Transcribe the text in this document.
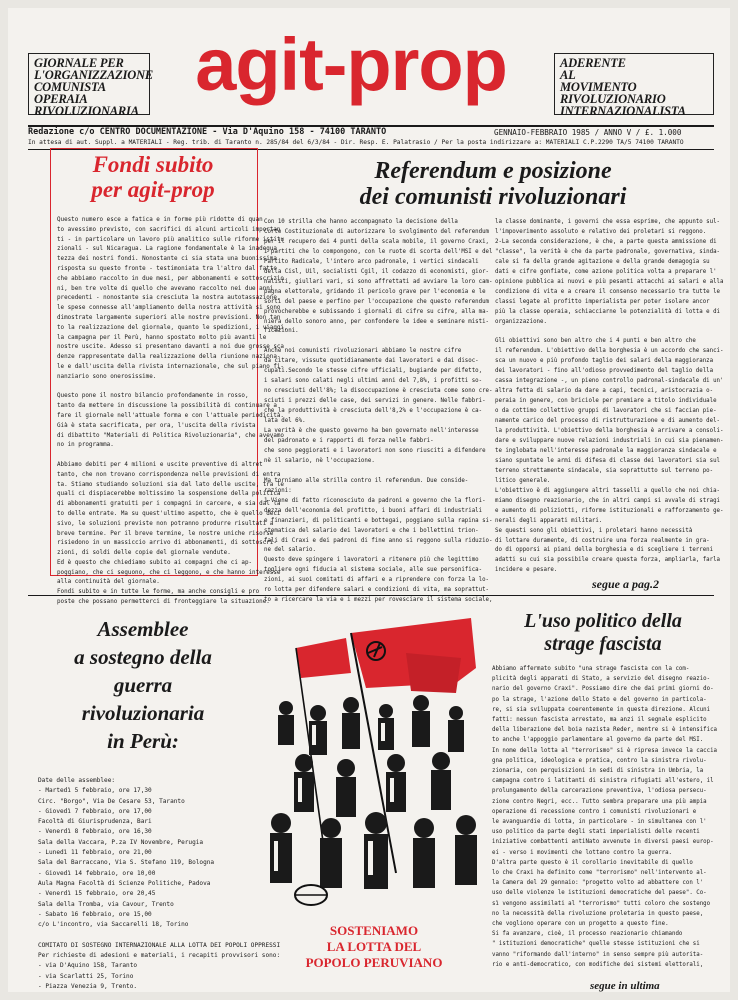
GIORNALE PER
L'ORGANIZZAZIONE
COMUNISTA
OPERAIA
RIVOLUZIONARIA
agit-prop	ADERENTE
AL
MOVIMENTO
RIVOLUZIONARIO
INTERNAZIONALISTA
Redazione c/o CENTRO DOCUMENTAZIONE - Via D'Aquino 158 - 74100 TARANTO	GENNAIO-FEBBRAIO 1985 / ANNO V / £. 1.000
In attesa di aut. Suppl. a MATERIALI - Reg. trib. di Taranto n. 285/84 del 6/3/84 - Dir. Resp. E. Palatrasio / Per la posta indirizzare a: MATERIALI C.P.2290 TA/5 74100 TARANTO
Fondi subito
per agit-prop
Questo numero esce a fatica e in forme più ridotte di quan
to avessimo previsto, con sacrifici di alcuni articoli importan
ti - in particolare un lavoro più analitico sulle riforme istitu
zionali - sul Nicaragua. La ragione fondamentale è la inadegua
tezza dei nostri fondi. Nonostante ci sia stata una buonissima
risposta su questo fronte - testimoniata tra l'altro dal fatto
che abbiamo raccolto in due mesi, per abbonamenti e sottoscrizio
ni, ben tre volte di quello che avevamo raccolto nei due anni
precedenti - nonostante sia cresciuta la nostra autotassazione,
le spese connesse all'ampliamento della nostra attività si sono
dimostrate largamente superiori alle nostre previsioni. Non tan
to la realizzazione del giornale, quanto le spedizioni, i viaggi,
la campagna per il Perù, hanno spostato molto più avanti le
nostre uscite. Adesso si presentano davanti a noi due grosse sca
denze rappresentate dalla realizzazione della riunione naziona-
le e dall'uscita della rivista internazionale, che sul piano fi-
nanziario sono onerosissime.

Questo pone il nostro bilancio profondamente in rosso,
tanto da mettere in discussione la possibilità di continuare a
fare il giornale nell'attuale forma e con l'attuale periodicità.
Già è stata sacrificata, per ora, l'uscita della rivista
di dibattito "Materiali di Politica Rivoluzionaria", che avevamo
no in programma.

Abbiamo debiti per 4 milioni e uscite preventive di altret
tanto, che non trovano corrispondenza nelle previsioni di entra
ta. Stiamo studiando soluzioni sia dal lato delle uscite, tra le
quali ci dispiacerebbe moltissimo la sospensione della politica
di abbonamenti gratuiti per i compagni in carcere, e sia dal la
to delle entrate. Ma su quest'ultimo aspetto, che è quello deci
sivo, le soluzioni previste non potranno produrre risultati a
breve termine. Per il breve termine, le nostre uniche risorse
risiedono in un massiccio arrivo di abbonamenti, di sottoscri-
zioni, di soldi delle copie del giornale vendute.
Ed è questo che chiediamo subito ai compagni che ci ap-
poggiano, che ci seguono, che ci leggono, e che hanno interesse
alla continuità del giornale.
Fondi subito e in tutte le forme, ma anche consigli e pro
poste che possano permetterci di fronteggiare la situazione.
Referendum e posizione
dei comunisti rivoluzionari
Con 10 strilla che hanno accompagnato la decisione della
Corte Costituzionale di autorizzare lo svolgimento del referendum
per il recupero dei 4 punti della scala mobile, il governo Craxi,
i partiti che lo compongono, con le ruote di scorta dell'MSI e del
Partito Radicale, l'intero arco padronale, i vertici sindacali
della Cisl, Uil, socialisti Cgil, il codazzo di economisti, gior-
nalisti, giullari vari, si sono affrettati ad avviare la loro cam-
pagna elettorale, gridando il pericolo grave per l'economia e le
sorti del paese e perfino per l'occupazione che questo referendum
provocherebbe e subissando i giornali di cifre su cifre, alla ma-
niera dello sonoro anno, per confondere le idee e seminare misti-
ficazioni.

Anche noi comunisti rivoluzionari abbiamo le nostre cifre
da citare, vissute quotidianamente dai lavoratori e dai disoc-
cupati.Secondo le stesse cifre ufficiali, bugiarde per difetto,
i salari sono calati negli ultimi anni del 7,8%, i profitti so-
no cresciuti dell'8%; la disoccupazione è cresciuta come sono cre-
sciuti i prezzi delle case, dei servizi in genere. Nelle fabbri-
che la produttività è cresciuta dell'8,2% e l'occupazione è ca-
lata del 6%.
La verità è che questo governo ha ben governato nell'interesse
del padronato e i rapporti di forza nelle fabbri-
che sono peggiorati e i lavoratori non sono riusciti a difendere
nè il salario, nè l'occupazione.

Ma torniamo alle strilla contro il referendum. Due conside-
razioni:
1-Viene di fatto riconosciuto da padroni e governo che la flori-
dezza dell'economia del profitto, i buoni affari di industriali
e finanzieri, di politicanti e bottegai, poggiano sulla rapina si-
stematica del salario dei lavoratori e che i bollettini trion-
fali di Craxi e dei padroni di fine anno si reggono sulla riduzio-
ne del salario.
Questo deve spingere i lavoratori a ritenere più che legittimo
togliere ogni fiducia al sistema sociale, alle sue personifica-
zioni, ai suoi comitati di affari e a riprendere con forza la lo-
ro lotta per difendere salari e condizioni di vita, ma soprattut-
to a ricercare la via e i mezzi per rovesciare il sistema sociale,
la classe dominante, i governi che essa esprime, che appunto sul-
l'impoverimento assoluto e relativo dei proletari si reggono.
2-La seconda considerazione, è che, a parte questa ammissione di
"classe", la verità è che da parte padronale, governativa, sinda-
cale si fa della grande agitazione e della grande demagogia su
dati e cifre gonfiate, come azione politica volta a preparare l'
opinione pubblica ai nuovi e più pesanti attacchi ai salari e alla
condizione di vita e a creare il consenso necessario tra tutte le
classi legate al profitto imperialista per poter isolare ancor
più la classe operaia, schiacciarne le potenzialità di lotta e di
organizzazione.

Gli obiettivi sono ben altro che i 4 punti e ben altro che
il referendum. L'obiettivo della borghesia è un accordo che sanci-
sca un nuovo e più profondo taglio dei salari della maggioranza
dei lavoratori - fino all'odioso provvedimento del taglio della
cassa integrazione -, un pieno controllo padronal-sindacale di un'
altra fetta di salario da dare a capi, tecnici, aristocrazia o-
peraia in genere, con briciole per premiare a titolo individuale
o da cottimo collettivo gruppi di lavoratori che si faccian pie-
namente carico del processo di ristrutturazione e di aumento del-
la produttività. L'obiettivo della borghesia è arrivare a consoli-
dare e sviluppare nuove relazioni industriali in cui sia pienamen-
te inglobata nell'interesse padronale la maggioranza sindacale e
siano spuntate le armi di difesa di classe dei lavoratori sia sul
terreno strettamente sindacale, sia soprattutto sul terreno po-
litico generale.
L'obiettivo è di aggiungere altri tasselli a quello che noi chia-
miamo disegno reazionario, che in altri campi si avvale di stragi
e aumento di poliziotti, riforme istituzionali e rafforzamento ge-
nerali degli apparati militari.
Se questi sono gli obiettivi, i proletari hanno necessità
di lottare duramente, di costruire una forza realmente in gra-
do di opporsi ai piani della borghesia e di scegliere i terreni
adatti su cui sia possibile creare questa forza, ampliarla, farla
incidere e pesare.
segue a pag.2
Assemblee
a sostegno della
guerra
rivoluzionaria
in Perù:
Date delle assemblee:
- Martedì 5 febbraio, ore 17,30
Circ. "Borgo", Via De Cesare 53, Taranto
- Giovedì 7 febbraio, ore 17,00
Facoltà di Giurisprudenza, Bari
- Venerdì 8 febbraio, ore 16,30
Sala della Vaccara, P.za IV Novembre, Perugia
- Lunedì 11 febbraio, ore 21,00
Sala del Barraccano, Via S. Stefano 119, Bologna
- Giovedì 14 febbraio, ore 10,00
Aula Magna Facoltà di Scienze Politiche, Padova
- Venerdì 15 febbraio, ore 20,45
Sala della Tromba, via Cavour, Trento
- Sabato 16 febbraio, ore 15,00
c/o L'incontro, via Saccarelli 18, Torino

COMITATO DI SOSTEGNO INTERNAZIONALE ALLA LOTTA DEI POPOLI OPPRESSI
Per richieste di adesioni e materiali, i recapiti provvisori sono:
- via D'Aquino 158, Taranto
- via Scarlatti 25, Torino
- Piazza Venezia 9, Trento.
SOSTENIAMO
LA LOTTA DEL
POPOLO PERUVIANO
L'uso politico della
strage fascista
Abbiamo affermato subito "una strage fascista con la com-
plicità degli apparati di Stato, a servizio del disegno reazio-
nario del governo Craxi". Possiamo dire che dai primi giorni do-
po la strage, l'azione dello Stato e del governo in particola-
re, si sia sviluppata coerentemente in questa direzione. Alcuni
fatti: nessun fascista arrestato, ma anzi il segnale esplicito
della liberazione del boia nazista Reder, mentre si è intensifica
to anche l'appoggio parlamentare al governo da parte del MSI.
In nome della lotta al "terrorismo" si è ripresa invece la caccia
gna politica, ideologica e pratica, contro la sinistra rivolu-
zionaria, con perquisizioni in sedi di sinistra in Umbria, la
campagna contro i latitanti di sinistra rifugiati all'estero, il
prolungamento della carcerazione preventiva, l'odiosa persecu-
zione contro Negri, ecc.. Tutto sembra preparare una più ampia
operazione di recessione contro i comunisti rivoluzionari e
le avanguardie di lotta, in particolare - in simultanea con l'
uso politico da parte degli stati imperialisti delle recenti
iniziative combattenti antiNato avvenute in diversi paesi europ-
ei - verso i movimenti che lottano contro la guerra.
D'altra parte questo è il corollario inevitabile di quello
lo che Craxi ha definito come "terrorismo" nell'intervento al-
la Camera del 29 gennaio: "progetto volto ad abbattere con l'
uso delle violenze le istituzioni democratiche del paese". Co-
sì vengono assimilati al "terrorismo" tutti coloro che sostengo
no la necessità della rivoluzione proletaria in questo paese,
che vogliono operare con un progetto a questo fine.
Si fa avanzare, cioè, il processo reazionario chiamando
" istituzioni democratiche" quelle stesse istituzioni che si
vanno "riformando dall'interno" in senso sempre più autorita-
rio e anti-democratico, con modifiche dei sistemi elettorali,
segue in ultima
